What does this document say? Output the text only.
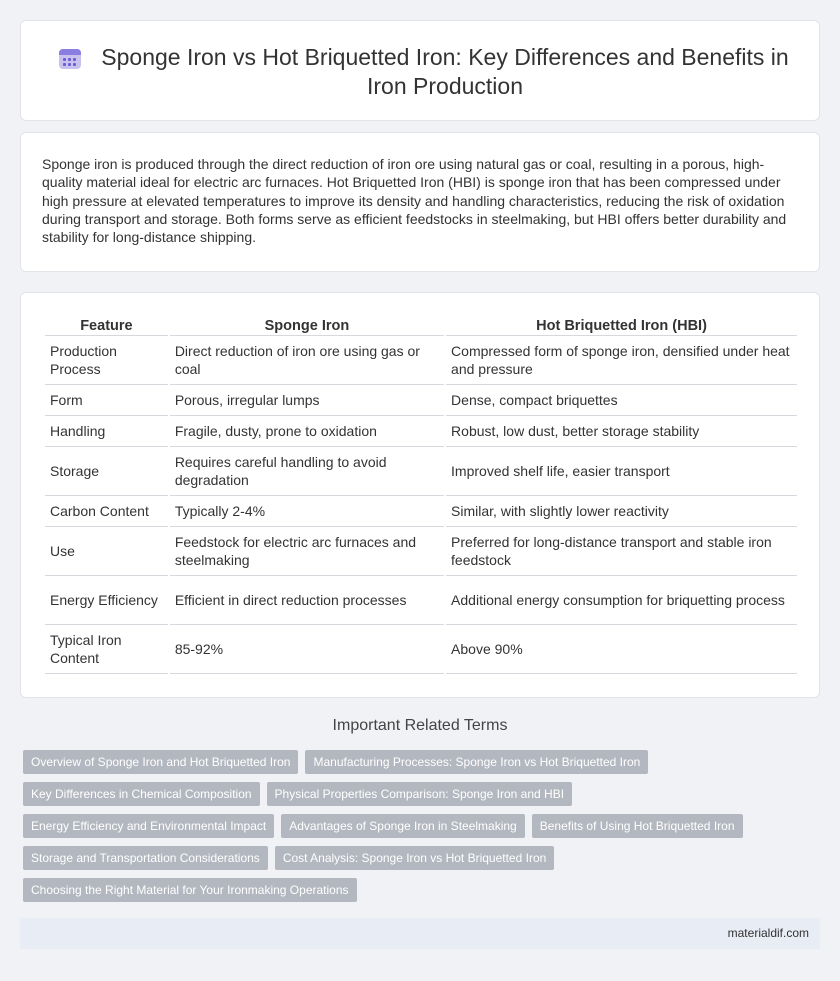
Sponge Iron vs Hot Briquetted Iron: Key Differences and Benefits in Iron Production

Sponge iron is produced through the direct reduction of iron ore using natural gas or coal, resulting in a porous, high-quality material ideal for electric arc furnaces. Hot Briquetted Iron (HBI) is sponge iron that has been compressed under high pressure at elevated temperatures to improve its density and handling characteristics, reducing the risk of oxidation during transport and storage. Both forms serve as efficient feedstocks in steelmaking, but HBI offers better durability and stability for long-distance shipping.

Feature	Sponge Iron	Hot Briquetted Iron (HBI)
Production Process	Direct reduction of iron ore using gas or coal	Compressed form of sponge iron, densified under heat and pressure
Form	Porous, irregular lumps	Dense, compact briquettes
Handling	Fragile, dusty, prone to oxidation	Robust, low dust, better storage stability
Storage	Requires careful handling to avoid degradation	Improved shelf life, easier transport
Carbon Content	Typically 2-4%	Similar, with slightly lower reactivity
Use	Feedstock for electric arc furnaces and steelmaking	Preferred for long-distance transport and stable iron feedstock
Energy Efficiency	Efficient in direct reduction processes	Additional energy consumption for briquetting process
Typical Iron Content	85-92%	Above 90%
Important Related Terms
Overview of Sponge Iron and Hot Briquetted Iron	Manufacturing Processes: Sponge Iron vs Hot Briquetted Iron
Key Differences in Chemical Composition	Physical Properties Comparison: Sponge Iron and HBI
Energy Efficiency and Environmental Impact	Advantages of Sponge Iron in Steelmaking	Benefits of Using Hot Briquetted Iron
Storage and Transportation Considerations	Cost Analysis: Sponge Iron vs Hot Briquetted Iron
Choosing the Right Material for Your Ironmaking Operations
materialdif.com
